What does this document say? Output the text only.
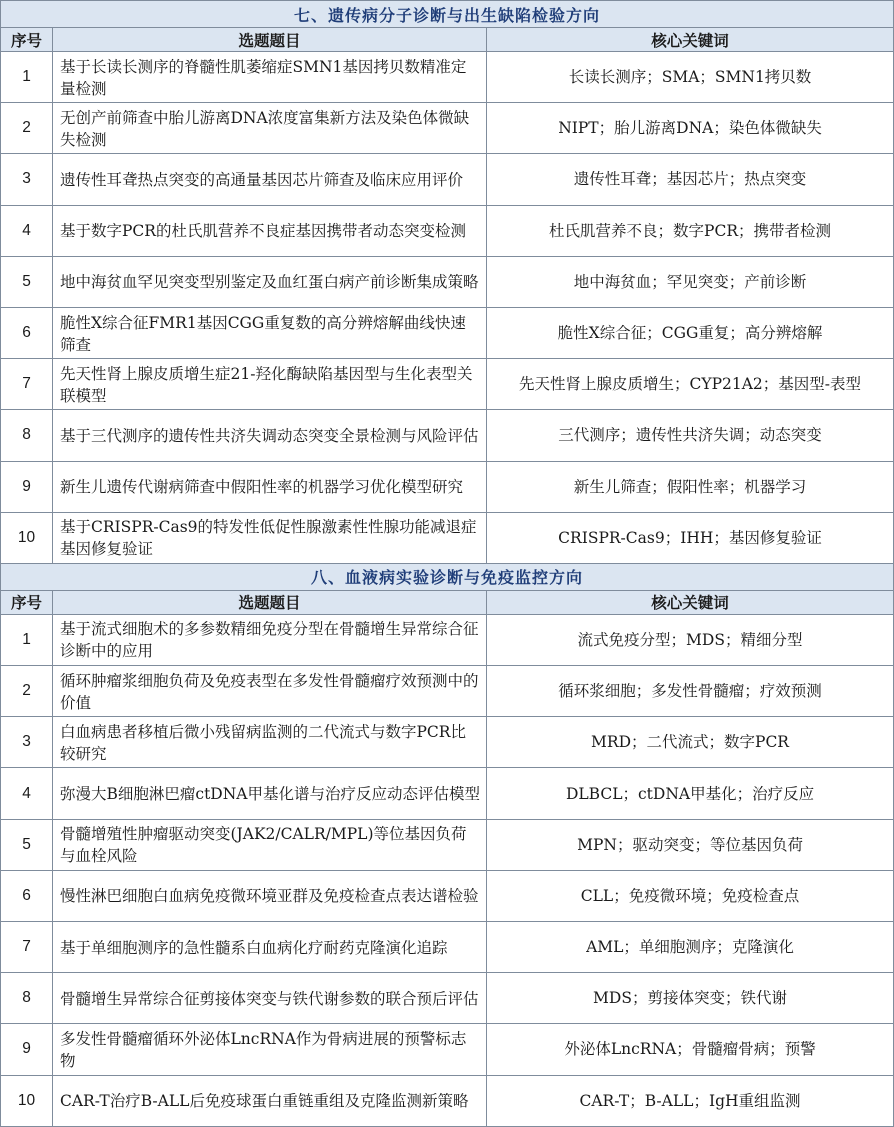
七、遗传病分子诊断与出生缺陷检验方向		
序号	选题题目	核心关键词
1	基于长读长测序的脊髓性肌萎缩症SMN1基因拷贝数精准定量检测	长读长测序；SMA；SMN1拷贝数
2	无创产前筛查中胎儿游离DNA浓度富集新方法及染色体微缺失检测	NIPT；胎儿游离DNA；染色体微缺失
3	遗传性耳聋热点突变的高通量基因芯片筛查及临床应用评价	遗传性耳聋；基因芯片；热点突变
4	基于数字PCR的杜氏肌营养不良症基因携带者动态突变检测	杜氏肌营养不良；数字PCR；携带者检测
5	地中海贫血罕见突变型别鉴定及血红蛋白病产前诊断集成策略	地中海贫血；罕见突变；产前诊断
6	脆性X综合征FMR1基因CGG重复数的高分辨熔解曲线快速筛查	脆性X综合征；CGG重复；高分辨熔解
7	先天性肾上腺皮质增生症21-羟化酶缺陷基因型与生化表型关联模型	先天性肾上腺皮质增生；CYP21A2；基因型-表型
8	基于三代测序的遗传性共济失调动态突变全景检测与风险评估	三代测序；遗传性共济失调；动态突变
9	新生儿遗传代谢病筛查中假阳性率的机器学习优化模型研究	新生儿筛查；假阳性率；机器学习
10	基于CRISPR-Cas9的特发性低促性腺激素性性腺功能减退症基因修复验证	CRISPR-Cas9；IHH；基因修复验证
八、血液病实验诊断与免疫监控方向		
序号	选题题目	核心关键词
1	基于流式细胞术的多参数精细免疫分型在骨髓增生异常综合征诊断中的应用	流式免疫分型；MDS；精细分型
2	循环肿瘤浆细胞负荷及免疫表型在多发性骨髓瘤疗效预测中的价值	循环浆细胞；多发性骨髓瘤；疗效预测
3	白血病患者移植后微小残留病监测的二代流式与数字PCR比较研究	MRD；二代流式；数字PCR
4	弥漫大B细胞淋巴瘤ctDNA甲基化谱与治疗反应动态评估模型	DLBCL；ctDNA甲基化；治疗反应
5	骨髓增殖性肿瘤驱动突变(JAK2/CALR/MPL)等位基因负荷与血栓风险	MPN；驱动突变；等位基因负荷
6	慢性淋巴细胞白血病免疫微环境亚群及免疫检查点表达谱检验	CLL；免疫微环境；免疫检查点
7	基于单细胞测序的急性髓系白血病化疗耐药克隆演化追踪	AML；单细胞测序；克隆演化
8	骨髓增生异常综合征剪接体突变与铁代谢参数的联合预后评估	MDS；剪接体突变；铁代谢
9	多发性骨髓瘤循环外泌体LncRNA作为骨病进展的预警标志物	外泌体LncRNA；骨髓瘤骨病；预警
10	CAR-T治疗B-ALL后免疫球蛋白重链重组及克隆监测新策略	CAR-T；B-ALL；IgH重组监测
